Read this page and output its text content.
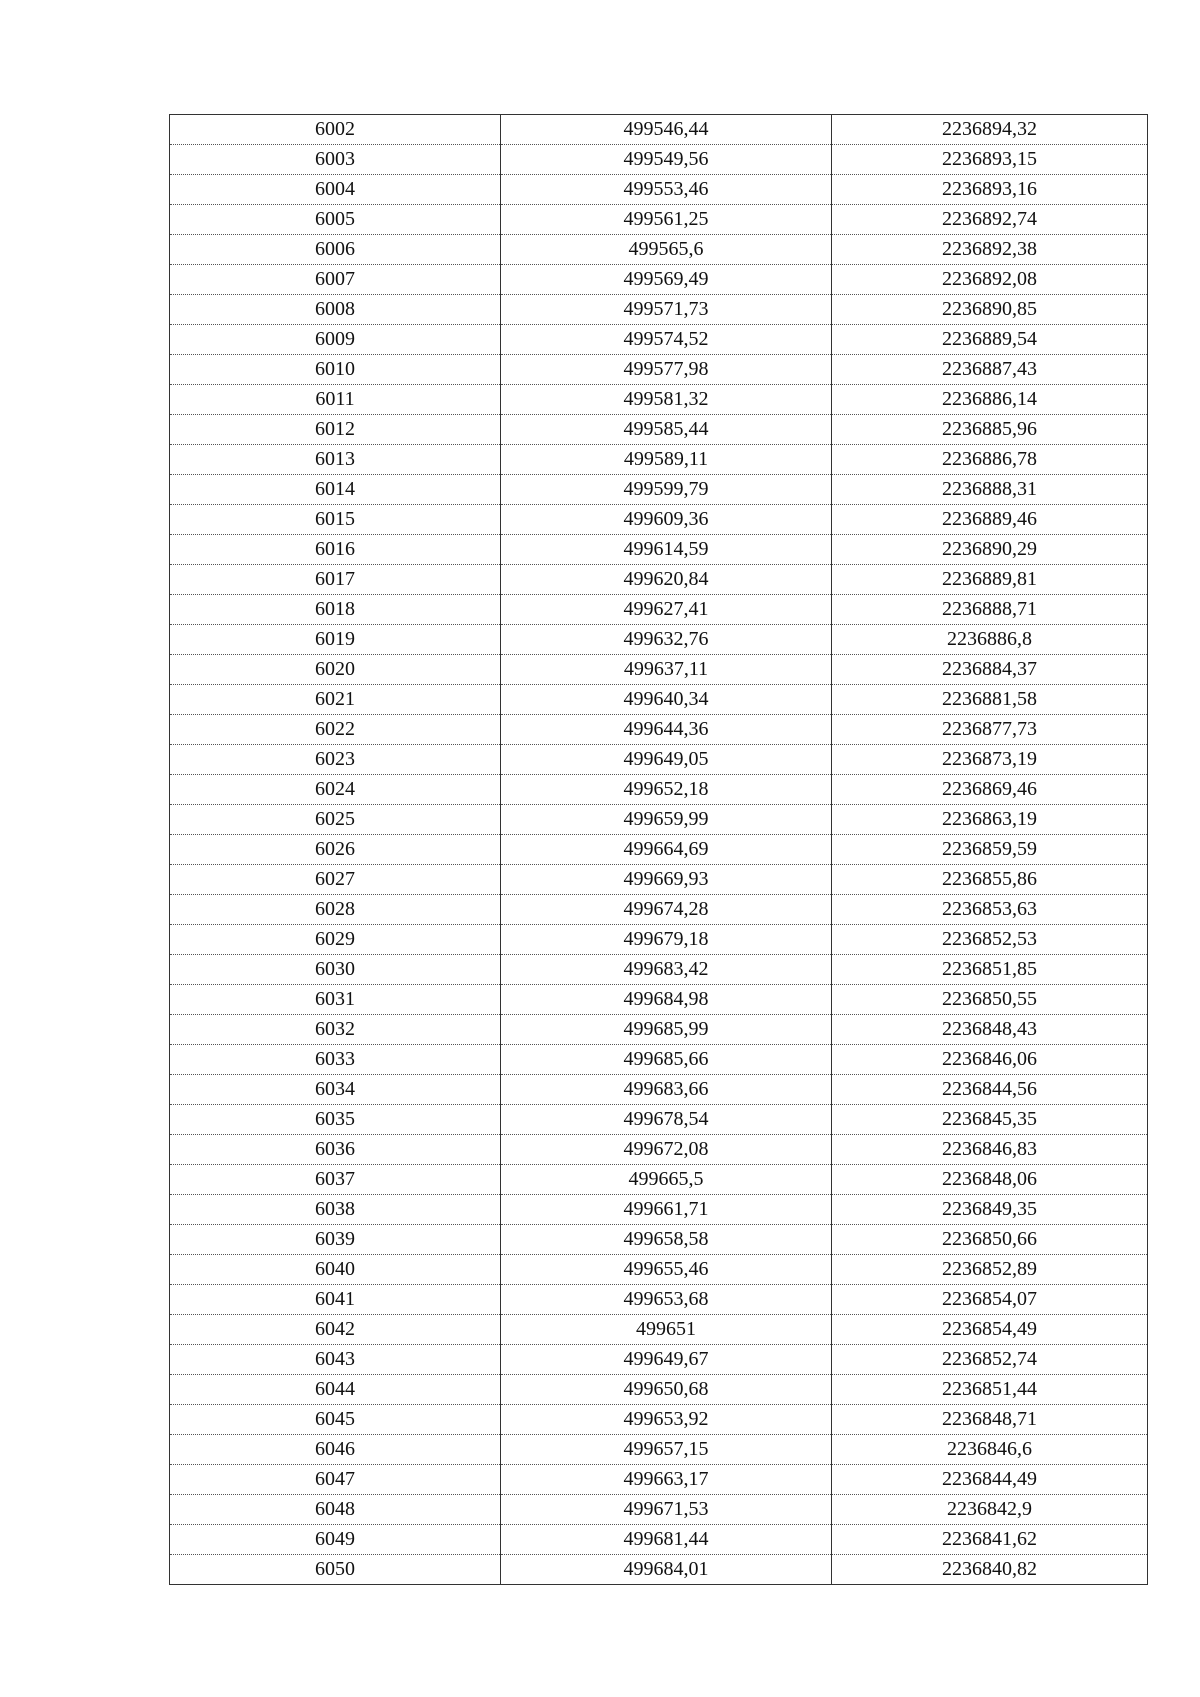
6002	499546,44	2236894,32
6003	499549,56	2236893,15
6004	499553,46	2236893,16
6005	499561,25	2236892,74
6006	499565,6	2236892,38
6007	499569,49	2236892,08
6008	499571,73	2236890,85
6009	499574,52	2236889,54
6010	499577,98	2236887,43
6011	499581,32	2236886,14
6012	499585,44	2236885,96
6013	499589,11	2236886,78
6014	499599,79	2236888,31
6015	499609,36	2236889,46
6016	499614,59	2236890,29
6017	499620,84	2236889,81
6018	499627,41	2236888,71
6019	499632,76	2236886,8
6020	499637,11	2236884,37
6021	499640,34	2236881,58
6022	499644,36	2236877,73
6023	499649,05	2236873,19
6024	499652,18	2236869,46
6025	499659,99	2236863,19
6026	499664,69	2236859,59
6027	499669,93	2236855,86
6028	499674,28	2236853,63
6029	499679,18	2236852,53
6030	499683,42	2236851,85
6031	499684,98	2236850,55
6032	499685,99	2236848,43
6033	499685,66	2236846,06
6034	499683,66	2236844,56
6035	499678,54	2236845,35
6036	499672,08	2236846,83
6037	499665,5	2236848,06
6038	499661,71	2236849,35
6039	499658,58	2236850,66
6040	499655,46	2236852,89
6041	499653,68	2236854,07
6042	499651	2236854,49
6043	499649,67	2236852,74
6044	499650,68	2236851,44
6045	499653,92	2236848,71
6046	499657,15	2236846,6
6047	499663,17	2236844,49
6048	499671,53	2236842,9
6049	499681,44	2236841,62
6050	499684,01	2236840,82
